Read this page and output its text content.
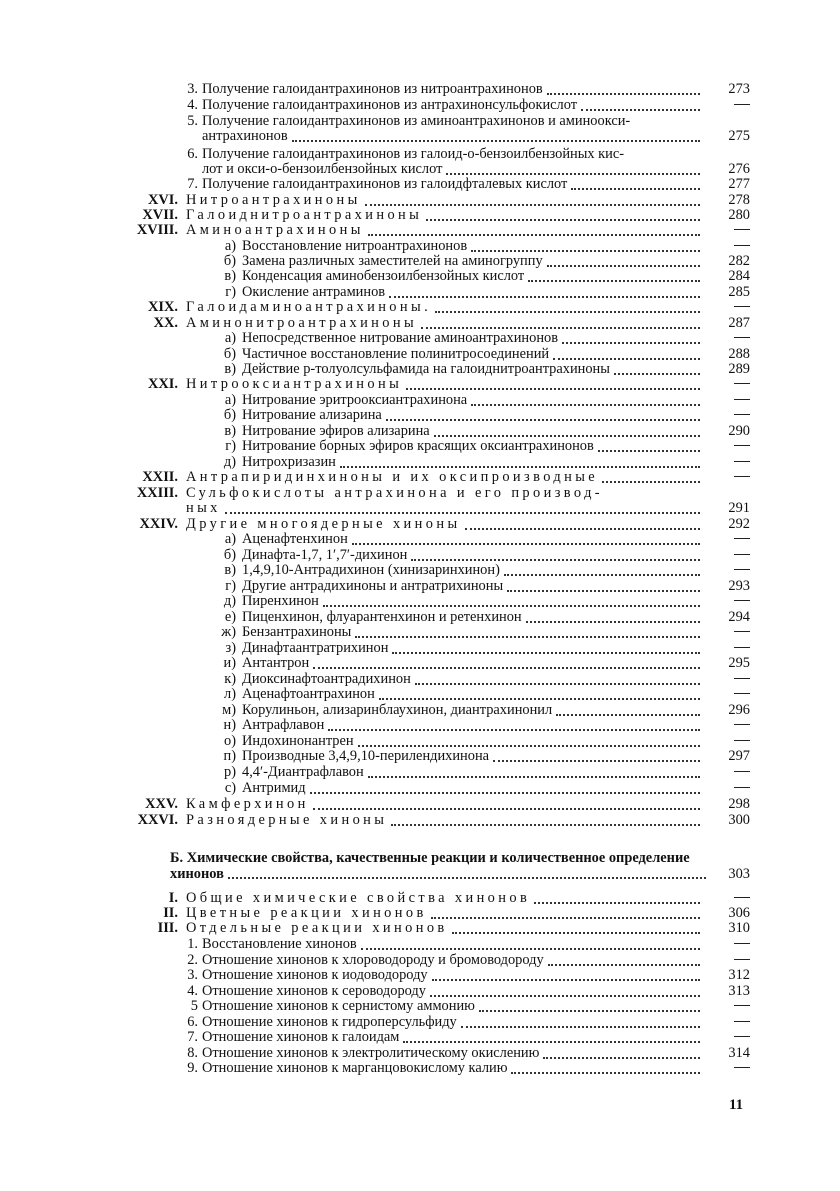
3. Получение галоидантрахинонов из нитроантрахинонов	273
4. Получение галоидантрахинонов из антрахинонсульфокислот
5. Получение галоидантрахинонов из аминоантрахинонов и аминоокси-
антрахинонов	275
6. Получение галоидантрахинонов из галоид-о-бензоилбензойных кис-
лот и окси-о-бензоилбензойных кислот	276
7. Получение галоидантрахинонов из галоидфталевых кислот	277
XVI. Нитроантрахиноны	278
XVII. Галоиднитроантрахиноны	280
XVIII. Аминоантрахиноны
а) Восстановление нитроантрахинонов
б) Замена различных заместителей на аминогруппу	282
в) Конденсация аминобензоилбензойных кислот	284
г) Окисление антраминов	285
XIX. Галоидаминоантрахиноны.
XX. Аминонитроантрахиноны	287
а) Непосредственное нитрование аминоантрахинонов
б) Частичное восстановление полинитросоединений	288
в) Действие р-толуолсульфамида на галоиднитроантрахиноны	289
XXI. Нитрооксиантрахиноны
а) Нитрование эритрооксиантрахинона
б) Нитрование ализарина
в) Нитрование эфиров ализарина	290
г) Нитрование борных эфиров красящих оксиантрахинонов
д) Нитрохризазин
XXII. Антрапиридинхиноны и их оксипроизводные
XXIII. Сульфокислоты антрахинона и его производ-
ных	291
XXIV. Другие многоядерные хиноны	292
а) Аценафтенхинон
б) Динафта-1,7, 1′,7′-дихинон
в) 1,4,9,10-Антрадихинон (хинизаринхинон)
г) Другие антрадихиноны и антратрихиноны	293
д) Пиренхинон
е) Пиценхинон, флуарантенхинон и ретенхинон	294
ж) Бензантрахиноны
з) Динафтаантратрихинон
и) Антантрон	295
к) Диоксинафтоантрадихинон
л) Аценафтоантрахинон
м) Корулиньон, ализаринблаухинон, диантрахинонил	296
н) Антрафлавон
о) Индохинонантрен
п) Производные 3,4,9,10-перилендихинона	297
р) 4,4′-Диантрафлавон
с) Антримид
XXV. Камферхинон	298
XXVI. Разноядерные хиноны	300
Б. Химические свойства, качественные реакции и количественное определение
хинонов	303
I. Общие химические свойства хинонов
II. Цветные реакции хинонов	306
III. Отдельные реакции хинонов	310
1. Восстановление хинонов
2. Отношение хинонов к хлороводороду и бромоводороду
3. Отношение хинонов к иодоводороду	312
4. Отношение хинонов к сероводороду	313
5 Отношение хинонов к сернистому аммонию
6. Отношение хинонов к гидроперсульфиду
7. Отношение хинонов к галоидам
8. Отношение хинонов к электролитическому окислению	314
9. Отношение хинонов к марганцовокислому калию
11
